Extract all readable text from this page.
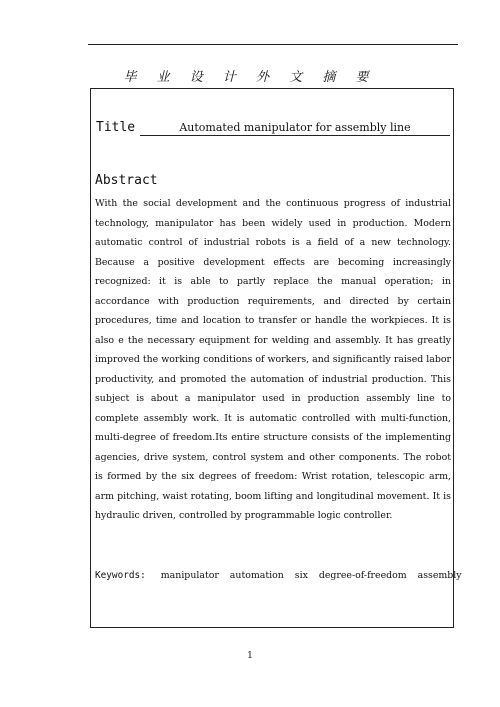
毕 业 设 计 外 文 摘 要
Title	Automated manipulator for assembly line
Abstract
With the social development and the continuous progress of industrial technology, manipulator has been widely used in production. Modern automatic control of industrial robots is a field of a new technology. Because a positive development effects are becoming increasingly recognized: it is able to partly replace the manual operation; in accordance with production requirements, and directed by certain procedures, time and location to transfer or handle the workpieces. It is also e the necessary equipment for welding and assembly. It has greatly improved the working conditions of workers, and significantly raised labor productivity, and promoted the automation of industrial production. This subject is about a manipulator used in production assembly line to complete assembly work. It is automatic controlled with multi-function, multi-degree of freedom.Its entire structure consists of the implementing agencies, drive system, control system and other components. The robot is formed by the six degrees of freedom: Wrist rotation, telescopic arm, arm pitching, waist rotating, boom lifting and longitudinal movement. It is hydraulic driven, controlled by programmable logic controller.
Keywords: manipulator automation six degree-of-freedom assembly
1
